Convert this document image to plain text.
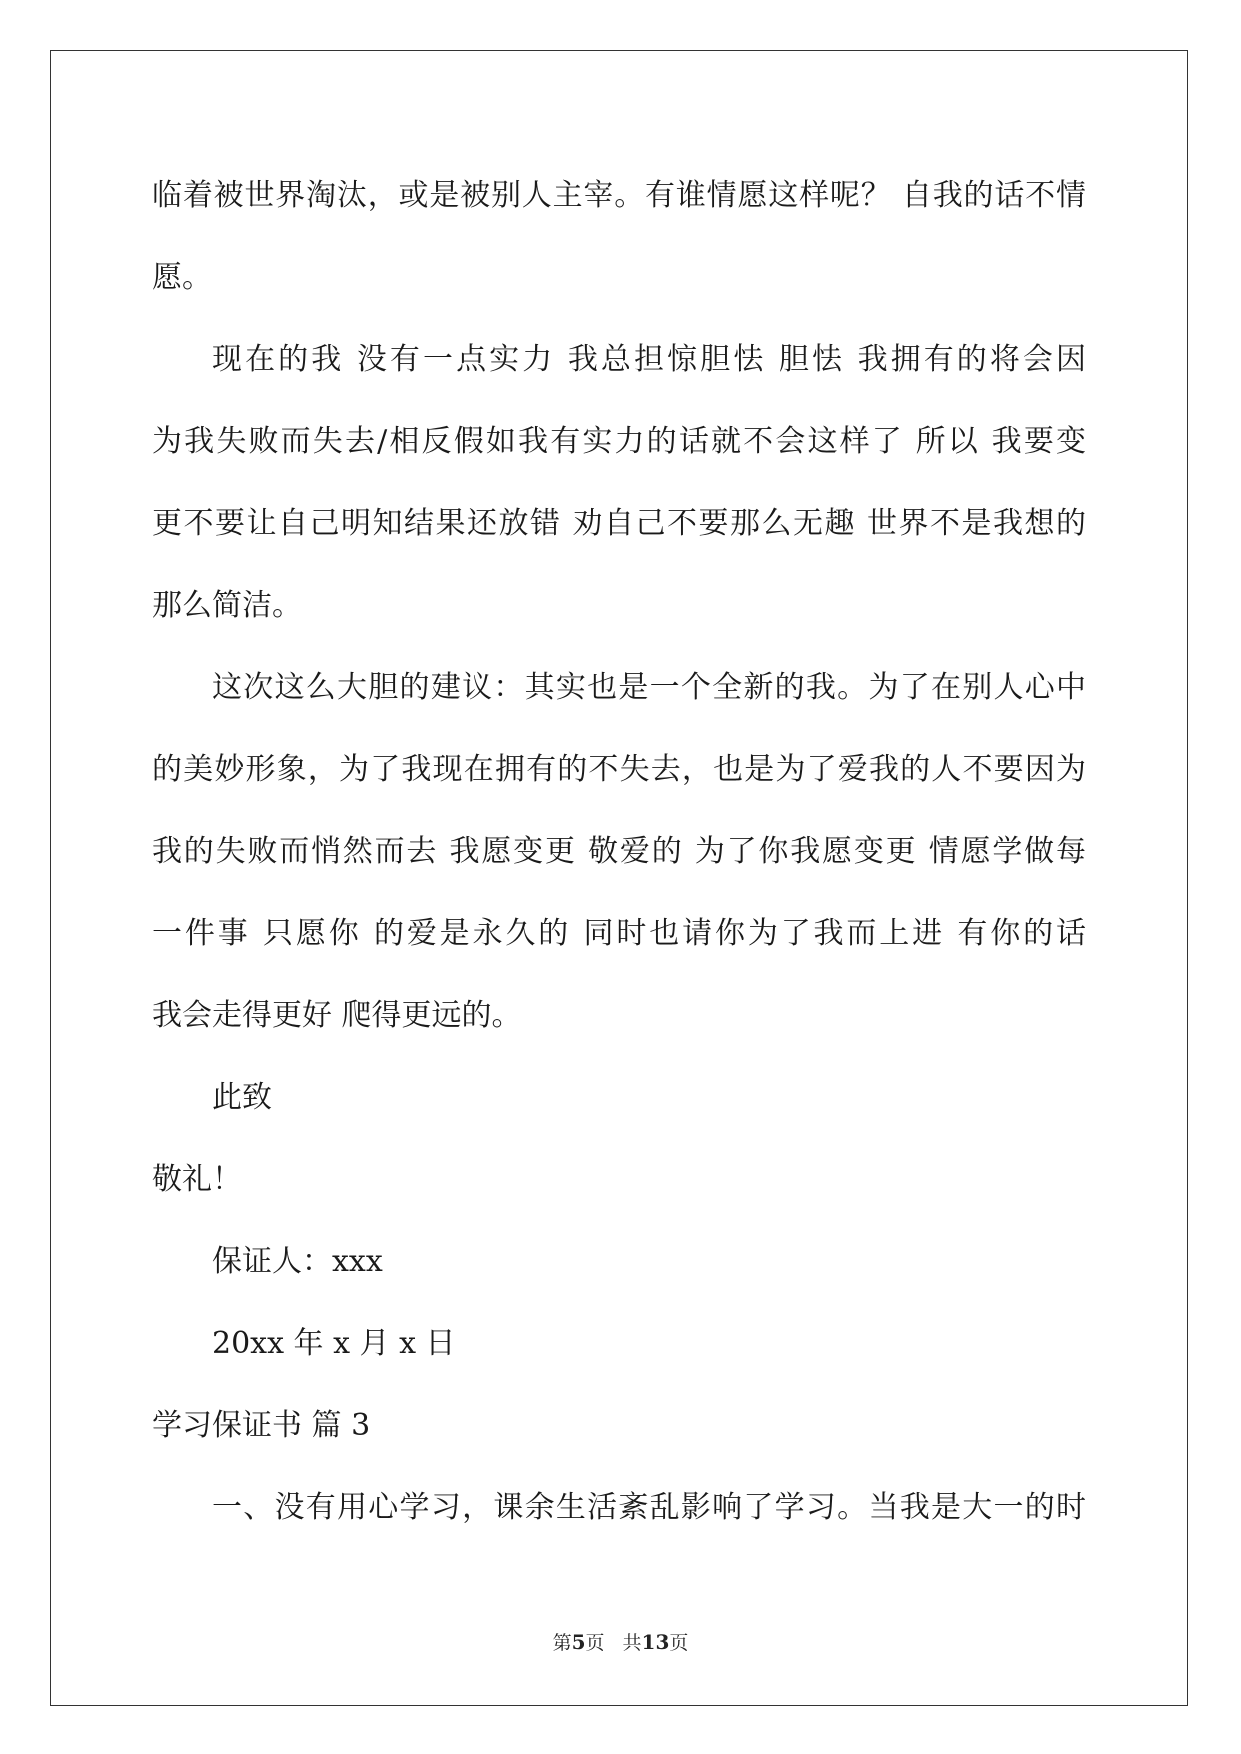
临着被世界淘汰，或是被别人主宰。有谁情愿这样呢？ 自我的话不情
愿。
现在的我 没有一点实力 我总担惊胆怯 胆怯 我拥有的将会因
为我失败而失去/相反假如我有实力的话就不会这样了 所以 我要变
更不要让自己明知结果还放错 劝自己不要那么无趣 世界不是我想的
那么简洁。
这次这么大胆的建议：其实也是一个全新的我。为了在别人心中
的美妙形象，为了我现在拥有的不失去，也是为了爱我的人不要因为
我的失败而悄然而去 我愿变更 敬爱的 为了你我愿变更 情愿学做每
一件事 只愿你 的爱是永久的 同时也请你为了我而上进 有你的话
我会走得更好 爬得更远的。
此致
敬礼！
保证人：xxx
20xx 年 x 月 x 日
学习保证书 篇 3
一、没有用心学习，课余生活紊乱影响了学习。当我是大一的时
第5页 共13页
